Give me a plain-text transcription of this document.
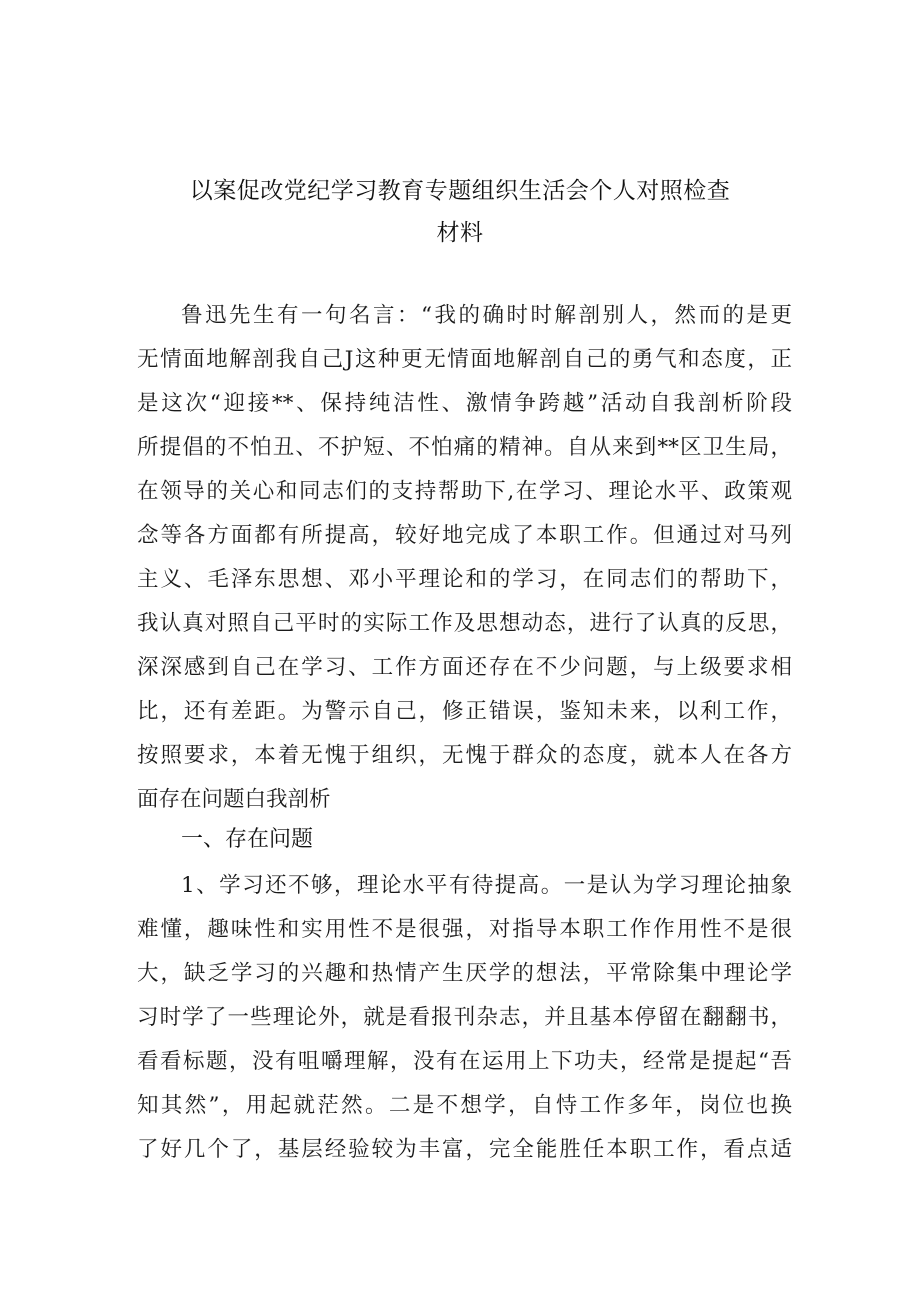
以案促改党纪学习教育专题组织生活会个人对照检查
材料
鲁迅先生有一句名言：“我的确时时解剖别人，然而的是更
无情面地解剖我自己J这种更无情面地解剖自己的勇气和态度，正
是这次“迎接**、保持纯洁性、激情争跨越”活动自我剖析阶段
所提倡的不怕丑、不护短、不怕痛的精神。自从来到**区卫生局，
在领导的关心和同志们的支持帮助下,在学习、理论水平、政策观
念等各方面都有所提高，较好地完成了本职工作。但通过对马列
主义、毛泽东思想、邓小平理论和的学习，在同志们的帮助下，
我认真对照自己平时的实际工作及思想动态，进行了认真的反思，
深深感到自己在学习、工作方面还存在不少问题，与上级要求相
比，还有差距。为警示自己，修正错误，鉴知未来，以利工作，
按照要求，本着无愧于组织，无愧于群众的态度，就本人在各方
面存在问题白我剖析
一、存在问题
1、学习还不够，理论水平有待提高。一是认为学习理论抽象
难懂，趣味性和实用性不是很强，对指导本职工作作用性不是很
大，缺乏学习的兴趣和热情产生厌学的想法，平常除集中理论学
习时学了一些理论外，就是看报刊杂志，并且基本停留在翻翻书，
看看标题，没有咀嚼理解，没有在运用上下功夫，经常是提起“吾
知其然”，用起就茫然。二是不想学，自恃工作多年，岗位也换
了好几个了，基层经验较为丰富，完全能胜任本职工作，看点适
